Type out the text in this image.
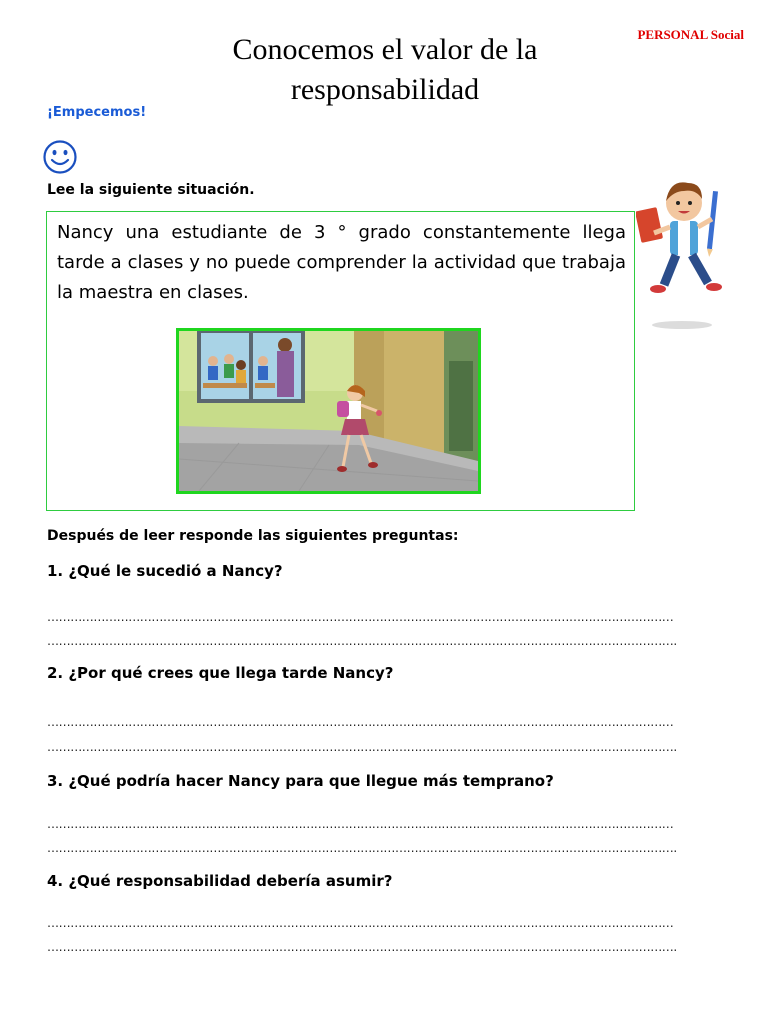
Conocemos el valor de la
responsabilidad
PERSONAL Social
¡Empecemos!
Lee la siguiente situación.
Nancy una estudiante de 3 ° grado constantemente llega tarde a clases y no puede comprender la actividad que trabaja la maestra en clases.
Después de leer responde las siguientes preguntas:
1. ¿Qué le sucedió a Nancy?
………………………………………………………………………………………………………………………………………………
……………………………………………………………………………………………………………………………………………….
2. ¿Por qué crees que llega tarde Nancy?
………………………………………………………………………………………………………………………………………………
……………………………………………………………………………………………………………………………………………….
3. ¿Qué podría hacer Nancy para que llegue más temprano?
………………………………………………………………………………………………………………………………………………
……………………………………………………………………………………………………………………………………………….
4. ¿Qué responsabilidad debería asumir?
………………………………………………………………………………………………………………………………………………
……………………………………………………………………………………………………………………………………………….
